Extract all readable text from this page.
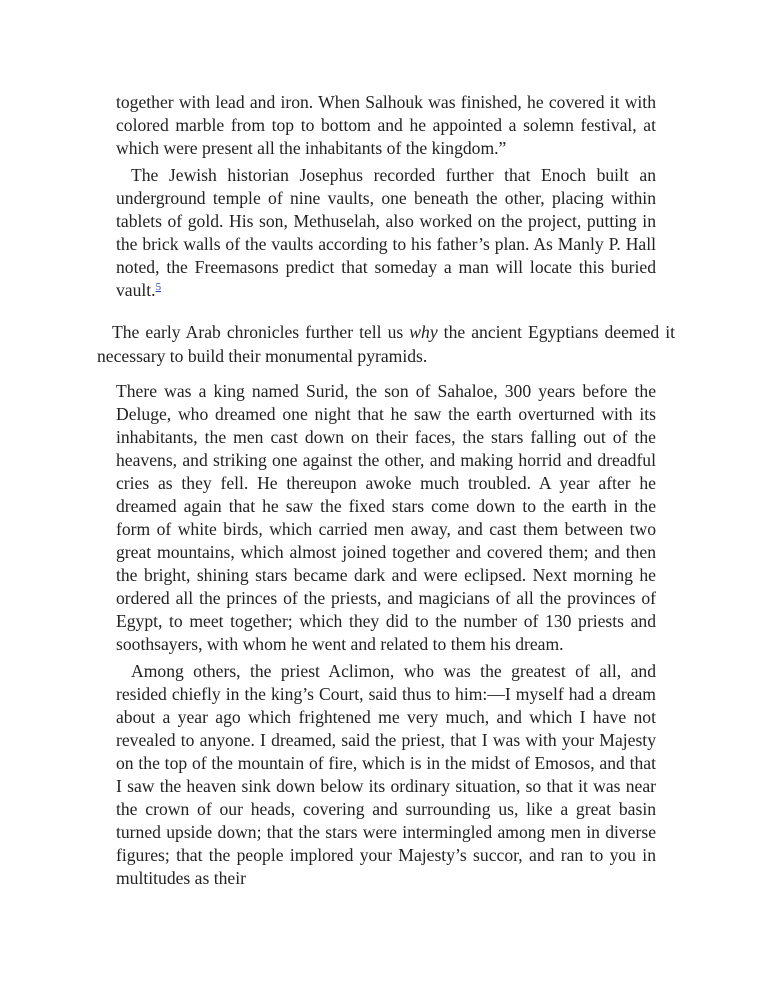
together with lead and iron. When Salhouk was finished, he covered it with colored marble from top to bottom and he appointed a solemn festival, at which were present all the inhabitants of the kingdom.”

The Jewish historian Josephus recorded further that Enoch built an underground temple of nine vaults, one beneath the other, placing within tablets of gold. His son, Methuselah, also worked on the project, putting in the brick walls of the vaults according to his father’s plan. As Manly P. Hall noted, the Freemasons predict that someday a man will locate this buried vault.$^5$

The early Arab chronicles further tell us why the ancient Egyptians deemed it necessary to build their monumental pyramids.

There was a king named Surid, the son of Sahaloe, 300 years before the Deluge, who dreamed one night that he saw the earth overturned with its inhabitants, the men cast down on their faces, the stars falling out of the heavens, and striking one against the other, and making horrid and dreadful cries as they fell. He thereupon awoke much troubled. A year after he dreamed again that he saw the fixed stars come down to the earth in the form of white birds, which carried men away, and cast them between two great mountains, which almost joined together and covered them; and then the bright, shining stars became dark and were eclipsed. Next morning he ordered all the princes of the priests, and magicians of all the provinces of Egypt, to meet together; which they did to the number of 130 priests and soothsayers, with whom he went and related to them his dream.

Among others, the priest Aclimon, who was the greatest of all, and resided chiefly in the king’s Court, said thus to him:—I myself had a dream about a year ago which frightened me very much, and which I have not revealed to anyone. I dreamed, said the priest, that I was with your Majesty on the top of the mountain of fire, which is in the midst of Emosos, and that I saw the heaven sink down below its ordinary situation, so that it was near the crown of our heads, covering and surrounding us, like a great basin turned upside down; that the stars were intermingled among men in diverse figures; that the people implored your Majesty’s succor, and ran to you in multitudes as their
